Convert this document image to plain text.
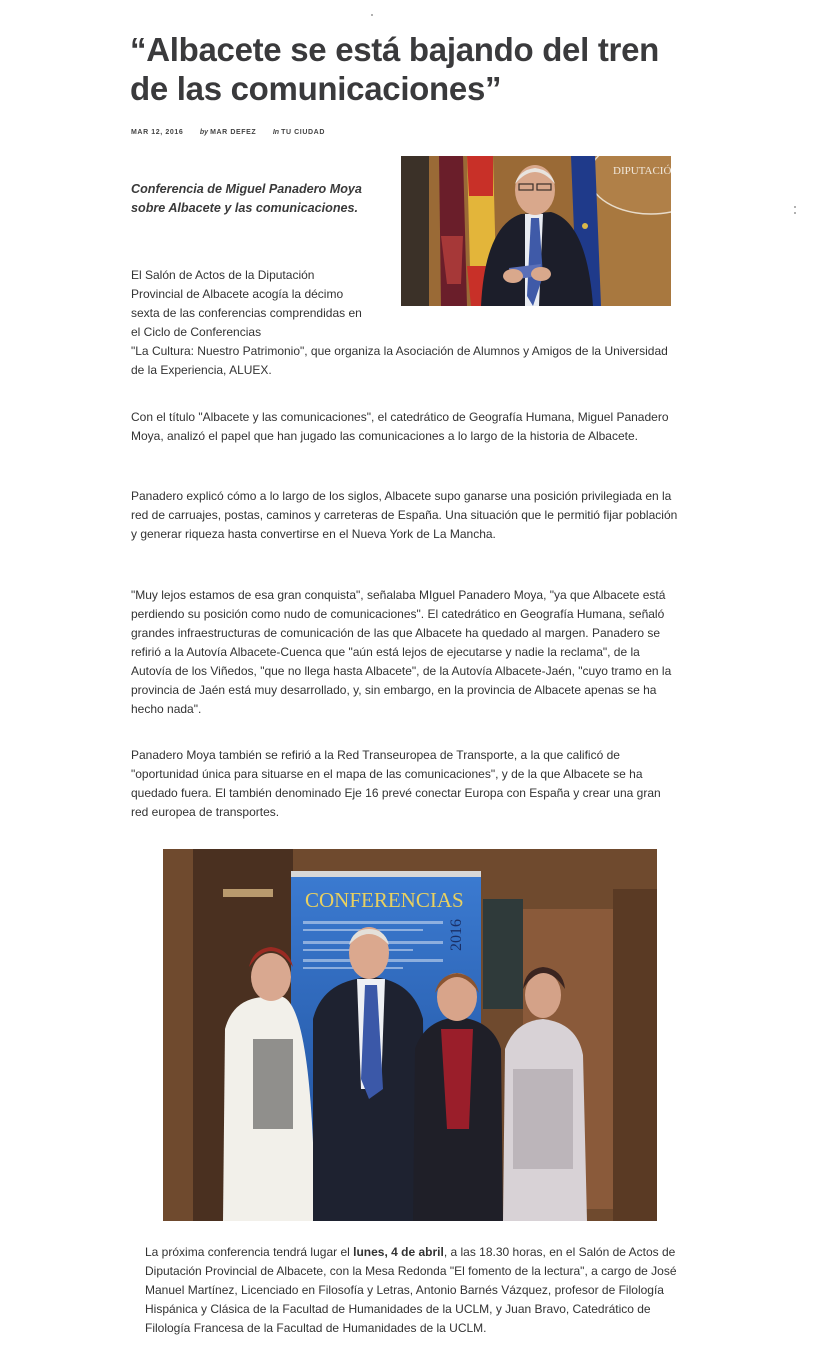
“Albacete se está bajando del tren de las comunicaciones”
MAR 12, 2016 by MAR DEFEZ In TU CIUDAD

Conferencia de Miguel Panadero Moya sobre Albacete y las comunicaciones.

DIPUTACIÓ

El Salón de Actos de la Diputación Provincial de Albacete acogía la décimo sexta de las conferencias comprendidas en el Ciclo de Conferencias

"La Cultura: Nuestro Patrimonio", que organiza la Asociación de Alumnos y Amigos de la Universidad de la Experiencia, ALUEX.

Con el título "Albacete y las comunicaciones", el catedrático de Geografía Humana, Miguel Panadero Moya, analizó el papel que han jugado las comunicaciones a lo largo de la historia de Albacete.

Panadero explicó cómo a lo largo de los siglos, Albacete supo ganarse una posición privilegiada en la red de carruajes, postas, caminos y carreteras de España. Una situación que le permitió fijar población y generar riqueza hasta convertirse en el Nueva York de La Mancha.

"Muy lejos estamos de esa gran conquista", señalaba MIguel Panadero Moya, "ya que Albacete está perdiendo su posición como nudo de comunicaciones". El catedrático en Geografía Humana, señaló grandes infraestructuras de comunicación de las que Albacete ha quedado al margen. Panadero se refirió a la Autovía Albacete-Cuenca que "aún está lejos de ejecutarse y nadie la reclama", de la Autovía de los Viñedos, "que no llega hasta Albacete", de la Autovía Albacete-Jaén, "cuyo tramo en la provincia de Jaén está muy desarrollado, y, sin embargo, en la provincia de Albacete apenas se ha hecho nada".

Panadero Moya también se refirió a la Red Transeuropea de Transporte, a la que calificó de "oportunidad única para situarse en el mapa de las comunicaciones", y de la que Albacete se ha quedado fuera. El también denominado Eje 16 prevé conectar Europa con España y crear una gran red europea de transportes.

CONFERENCIAS
2016

La próxima conferencia tendrá lugar el lunes, 4 de abril, a las 18.30 horas, en el Salón de Actos de Diputación Provincial de Albacete, con la Mesa Redonda "El fomento de la lectura", a cargo de José Manuel Martínez, Licenciado en Filosofía y Letras, Antonio Barnés Vázquez, profesor de Filología Hispánica y Clásica de la Facultad de Humanidades de la UCLM, y Juan Bravo, Catedrático de Filología Francesa de la Facultad de Humanidades de la UCLM.
